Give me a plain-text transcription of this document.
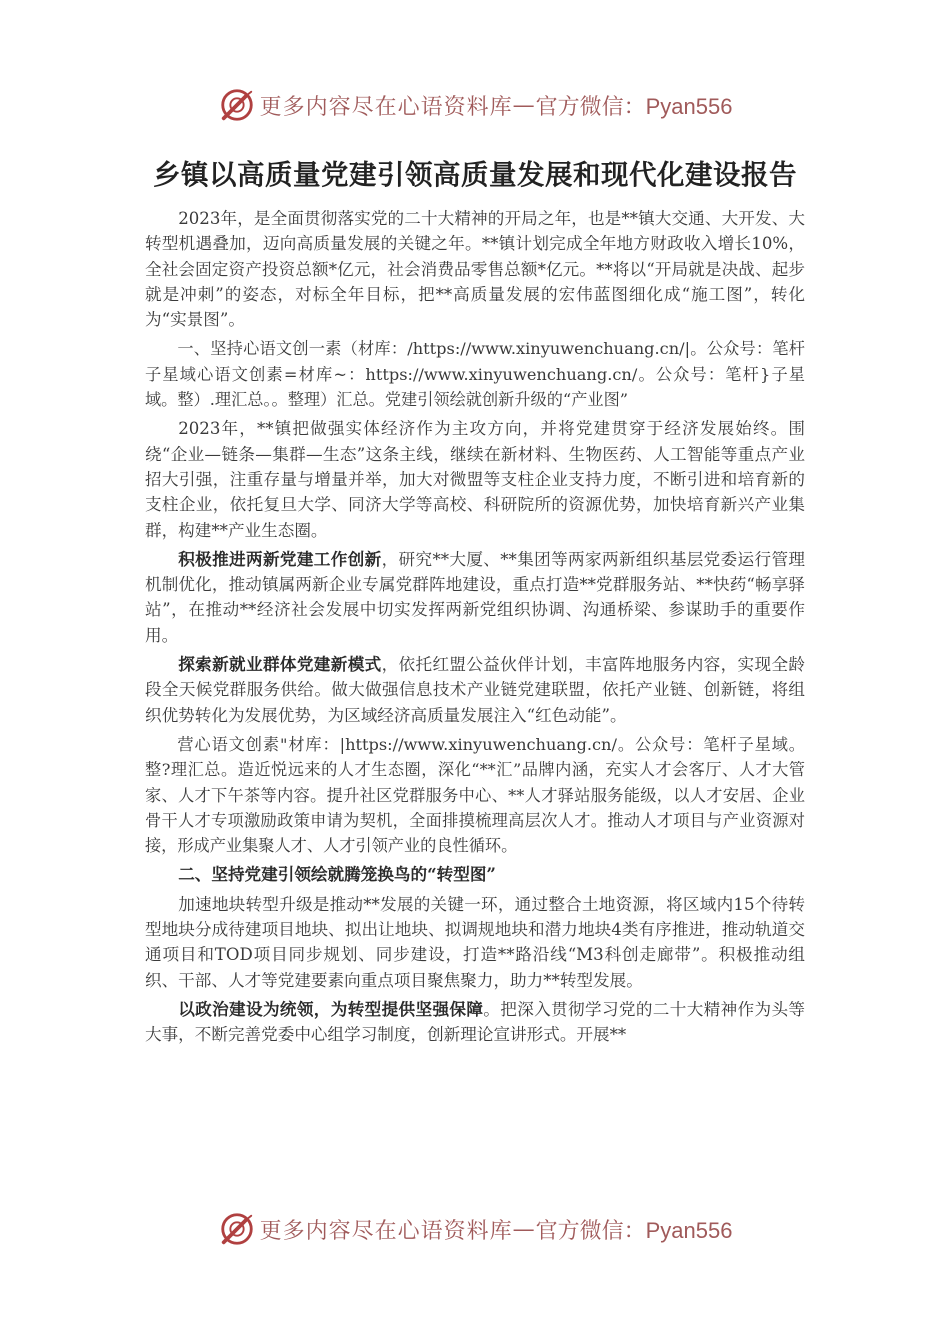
更多内容尽在心语资料库 — 官方微信：Pyan556
乡镇以高质量党建引领高质量发展和现代化建设报告

2023年，是全面贯彻落实党的二十大精神的开局之年，也是**镇大交通、大开发、大转型机遇叠加，迈向高质量发展的关键之年。**镇计划完成全年地方财政收入增长10%，全社会固定资产投资总额*亿元，社会消费品零售总额*亿元。**将以“开局就是决战、起步就是冲刺”的姿态，对标全年目标，把**高质量发展的宏伟蓝图细化成“施工图”，转化为“实景图”。

一、坚持心语文创一素（材库：/https://www.xinyuwenchuang.cn/|。公众号：笔杆子星域心语文创素=材库~：https://www.xinyuwenchuang.cn/。公众号：笔杆}子星域。整）.理汇总。。整理）汇总。党建引领绘就创新升级的“产业图”

2023年，**镇把做强实体经济作为主攻方向，并将党建贯穿于经济发展始终。围绕“企业—链条—集群—生态”这条主线，继续在新材料、生物医药、人工智能等重点产业招大引强，注重存量与增量并举，加大对微盟等支柱企业支持力度，不断引进和培育新的支柱企业，依托复旦大学、同济大学等高校、科研院所的资源优势，加快培育新兴产业集群，构建**产业生态圈。

积极推进两新党建工作创新，研究**大厦、**集团等两家两新组织基层党委运行管理机制优化，推动镇属两新企业专属党群阵地建设，重点打造**党群服务站、**快药“畅享驿站”，在推动**经济社会发展中切实发挥两新党组织协调、沟通桥梁、参谋助手的重要作用。

探索新就业群体党建新模式，依托红盟公益伙伴计划，丰富阵地服务内容，实现全龄段全天候党群服务供给。做大做强信息技术产业链党建联盟，依托产业链、创新链，将组织优势转化为发展优势，为区域经济高质量发展注入“红色动能”。

营心语文创素"材库：|https://www.xinyuwenchuang.cn/。公众号：笔杆子星域。整?理汇总。造近悦远来的人才生态圈，深化“**汇”品牌内涵，充实人才会客厅、人才大管家、人才下午茶等内容。提升社区党群服务中心、**人才驿站服务能级，以人才安居、企业骨干人才专项激励政策申请为契机，全面排摸梳理高层次人才。推动人才项目与产业资源对接，形成产业集聚人才、人才引领产业的良性循环。

二、坚持党建引领绘就腾笼换鸟的“转型图”

加速地块转型升级是推动**发展的关键一环，通过整合土地资源，将区域内15个待转型地块分成待建项目地块、拟出让地块、拟调规地块和潜力地块4类有序推进，推动轨道交通项目和TOD项目同步规划、同步建设，打造**路沿线“M3科创走廊带”。积极推动组织、干部、人才等党建要素向重点项目聚焦聚力，助力**转型发展。

以政治建设为统领，为转型提供坚强保障。把深入贯彻学习党的二十大精神作为头等大事，不断完善党委中心组学习制度，创新理论宣讲形式。开展**

更多内容尽在心语资料库 — 官方微信：Pyan556
